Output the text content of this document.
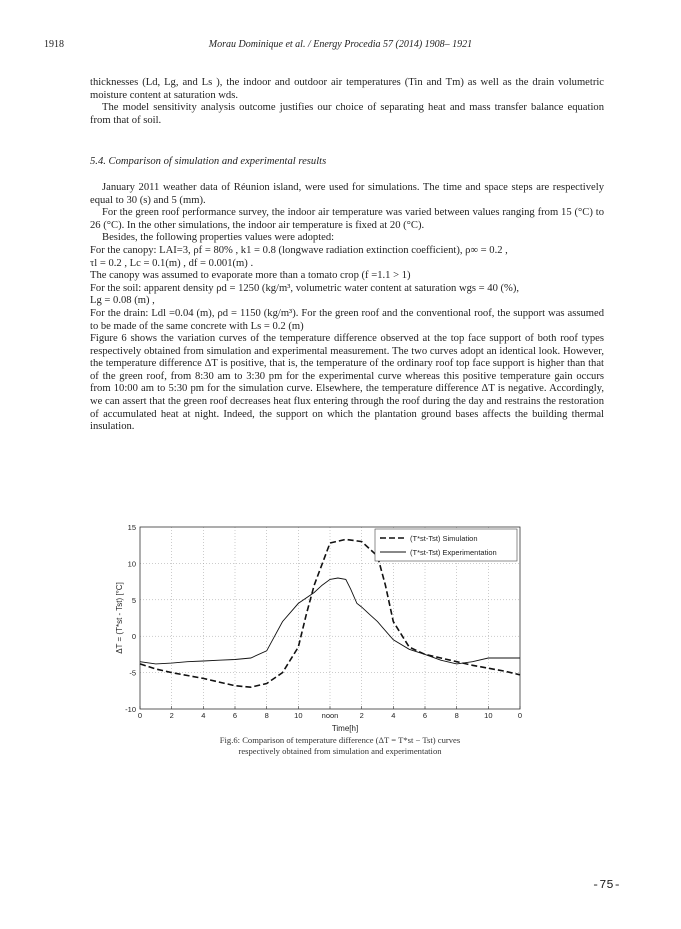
1918	Morau Dominique et al. / Energy Procedia 57 (2014) 1908– 1921

thicknesses (Ld, Lg, and Ls ), the indoor and outdoor air temperatures (Tin and Tm) as well as the drain volumetric moisture content at saturation wds.

The model sensitivity analysis outcome justifies our choice of separating heat and mass transfer balance equation from that of soil.

5.4. Comparison of simulation and experimental results

January 2011 weather data of Réunion island, were used for simulations. The time and space steps are respectively equal to 30 (s) and 5 (mm).

For the green roof performance survey, the indoor air temperature was varied between values ranging from 15 (°C) to 26 (°C). In the other simulations, the indoor air temperature is fixed at 20 (°C).

Besides, the following properties values were adopted:

For the canopy: LAI=3, ρf = 80% , k1 = 0.8 (longwave radiation extinction coefficient), ρ∞ = 0.2 ,

τl = 0.2 , Lc = 0.1(m) , df = 0.001(m) .

The canopy was assumed to evaporate more than a tomato crop (f =1.1 > 1)

For the soil: apparent density ρd = 1250 (kg/m³, volumetric water content at saturation wgs = 40 (%),

Lg = 0.08 (m) ,

For the drain: Ldl =0.04 (m), ρd = 1150 (kg/m³). For the green roof and the conventional roof, the support was assumed to be made of the same concrete with Ls = 0.2 (m)

Figure 6 shows the variation curves of the temperature difference observed at the top face support of both roof types respectively obtained from simulation and experimental measurement. The two curves adopt an identical look. However, the temperature difference ΔT is positive, that is, the temperature of the ordinary roof top face support is higher than that of the green roof, from 8:30 am to 3:30 pm for the experimental curve whereas this positive temperature gain occurs from 10:00 am to 5:30 pm for the simulation curve. Elsewhere, the temperature difference ΔT is negative. Accordingly, we can assert that the green roof decreases heat flux entering through the roof during the day and restrains the restoration of accumulated heat at night. Indeed, the support on which the plantation ground bases affects the building thermal insulation.

-10
-5
0
5
10
15
0	2	4	6	8	10	noon	2	4	6	8	10	0
(T*st-Tst) Simulation
(T*st-Tst) Experimentation
Time[h]
ΔT = (T*st - Tst) [°C]
Fig.6: Comparison of temperature difference (ΔT = T*st − Tst) curves
respectively obtained from simulation and experimentation
-75-
